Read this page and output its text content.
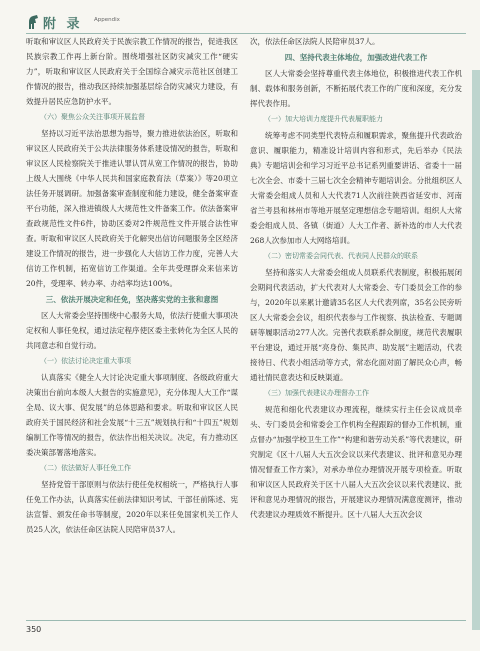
附 录 Appendix

听取和审议区人民政府关于民族宗教工作情况的报告，促进我区民族宗教工作再上新台阶。围绕增强社区防灾减灾工作“硬实力”，听取和审议区人民政府关于全国综合减灾示范社区创建工作情况的报告，推动我区持续加强基层综合防灾减灾力建设，有效提升居民应急防护水平。

（六）聚焦公众关注事项开展监督

坚持以习近平法治思想为指导，聚力推进依法治区，听取和审议区人民政府关于公共法律服务体系建设情况的报告，听取和审议区人民检察院关于推进认罪认罚从宽工作情况的报告，协助上级人大围绕《中华人民共和国家庭教育法（草案）》等20项立法任务开展调研。加强备案审查制度和能力建设，健全备案审查平台功能，深入推进镇级人大规范性文件备案工作。依法备案审查政规范性文件6件，协助区委对2件规范性文件开展合法性审查。听取和审议区人民政府关于化解突出信访问题服务全区经济建设工作情况的报告，进一步强化人大信访工作力度，完善人大信访工作机制，拓宽信访工作渠道。全年共受理群众来信来访20件，受理率、转办率、办结率均达100%。

三、依法开展决定和任免，坚决落实党的主张和意图

区人大常委会坚持围绕中心服务大局，依法行使重大事项决定权和人事任免权，通过法定程序使区委主张转化为全区人民的共同意志和自觉行动。

（一）依法讨论决定重大事项

认真落实《健全人大讨论决定重大事项制度、各级政府重大决策出台前向本级人大报告的实施意见》，充分体现人大工作“谋全局、议大事、促发展”的总体思路和要求。听取和审议区人民政府关于国民经济和社会发展“十三五”规划执行和“十四五”规划编制工作等情况的报告，依法作出相关决议。决定，有力推动区委决策部署落地落实。

（二）依法做好人事任免工作

坚持党管干部原则与依法行使任免权相统一，严格执行人事任免工作办法，认真落实任前法律知识考试、干部任前陈述、宪法宣誓、颁发任命书等制度，2020年以来任免国家机关工作人员25人次，依法任命区法院人民陪审员37人。

次，依法任命区法院人民陪审员37人。

四、坚持代表主体地位，加强改进代表工作

区人大常委会坚持尊重代表主体地位，积极推进代表工作机制、载体和服务创新，不断拓展代表工作的广度和深度，充分发挥代表作用。

（一）加大培训力度提升代表履职能力

统筹考虑不同类型代表特点和履职需求，聚焦提升代表政治意识、履职能力，精准设计培训内容和形式，先后举办《民法典》专题培训会和学习习近平总书记系列重要讲话、省委十一届七次全会、市委十三届七次全会精神专题培训会。分批组织区人大常委会组成人员和人大代表71人次前往陕西省延安市、河南省兰考县和林州市等地开展坚定理想信念专题培训。组织人大常委会组成人员、各镇（街道）人大工作者、新补选的市人大代表268人次参加市人大网络培训。

（二）密切常委会同代表、代表同人民群众的联系

坚持和落实人大常委会组成人员联系代表制度，积极拓展闭会期间代表活动，扩大代表对人大常委会、专门委员会工作的参与，2020年以来累计邀请35名区人大代表列席，35名公民旁听区人大常委会会议，组织代表参与工作视察、执法检查、专题调研等履职活动277人次。完善代表联系群众制度，规范代表履职平台建设，通过开展“亮身份、集民声、助发展”主题活动，代表接待日、代表小组活动等方式，常态化面对面了解民众心声，畅通社情民意表达和反映渠道。

（三）加强代表建议办理督办工作

规范和细化代表建议办理流程，继续实行主任会议成员牵头、专门委员会和常委会工作机构全程跟踪的督办工作机制，重点督办“加强学校卫生工作”“构建和谐劳动关系”等代表建议，研究制定《区十八届人大五次会议以来代表建议、批评和意见办理情况督查工作方案》，对承办单位办理情况开展专项检查。听取和审议区人民政府关于区十八届人大五次会议以来代表建议、批评和意见办理情况的报告，开展建议办理情况满意度测评，推动代表建议办理质效不断提升。区十八届人大五次会议

350
